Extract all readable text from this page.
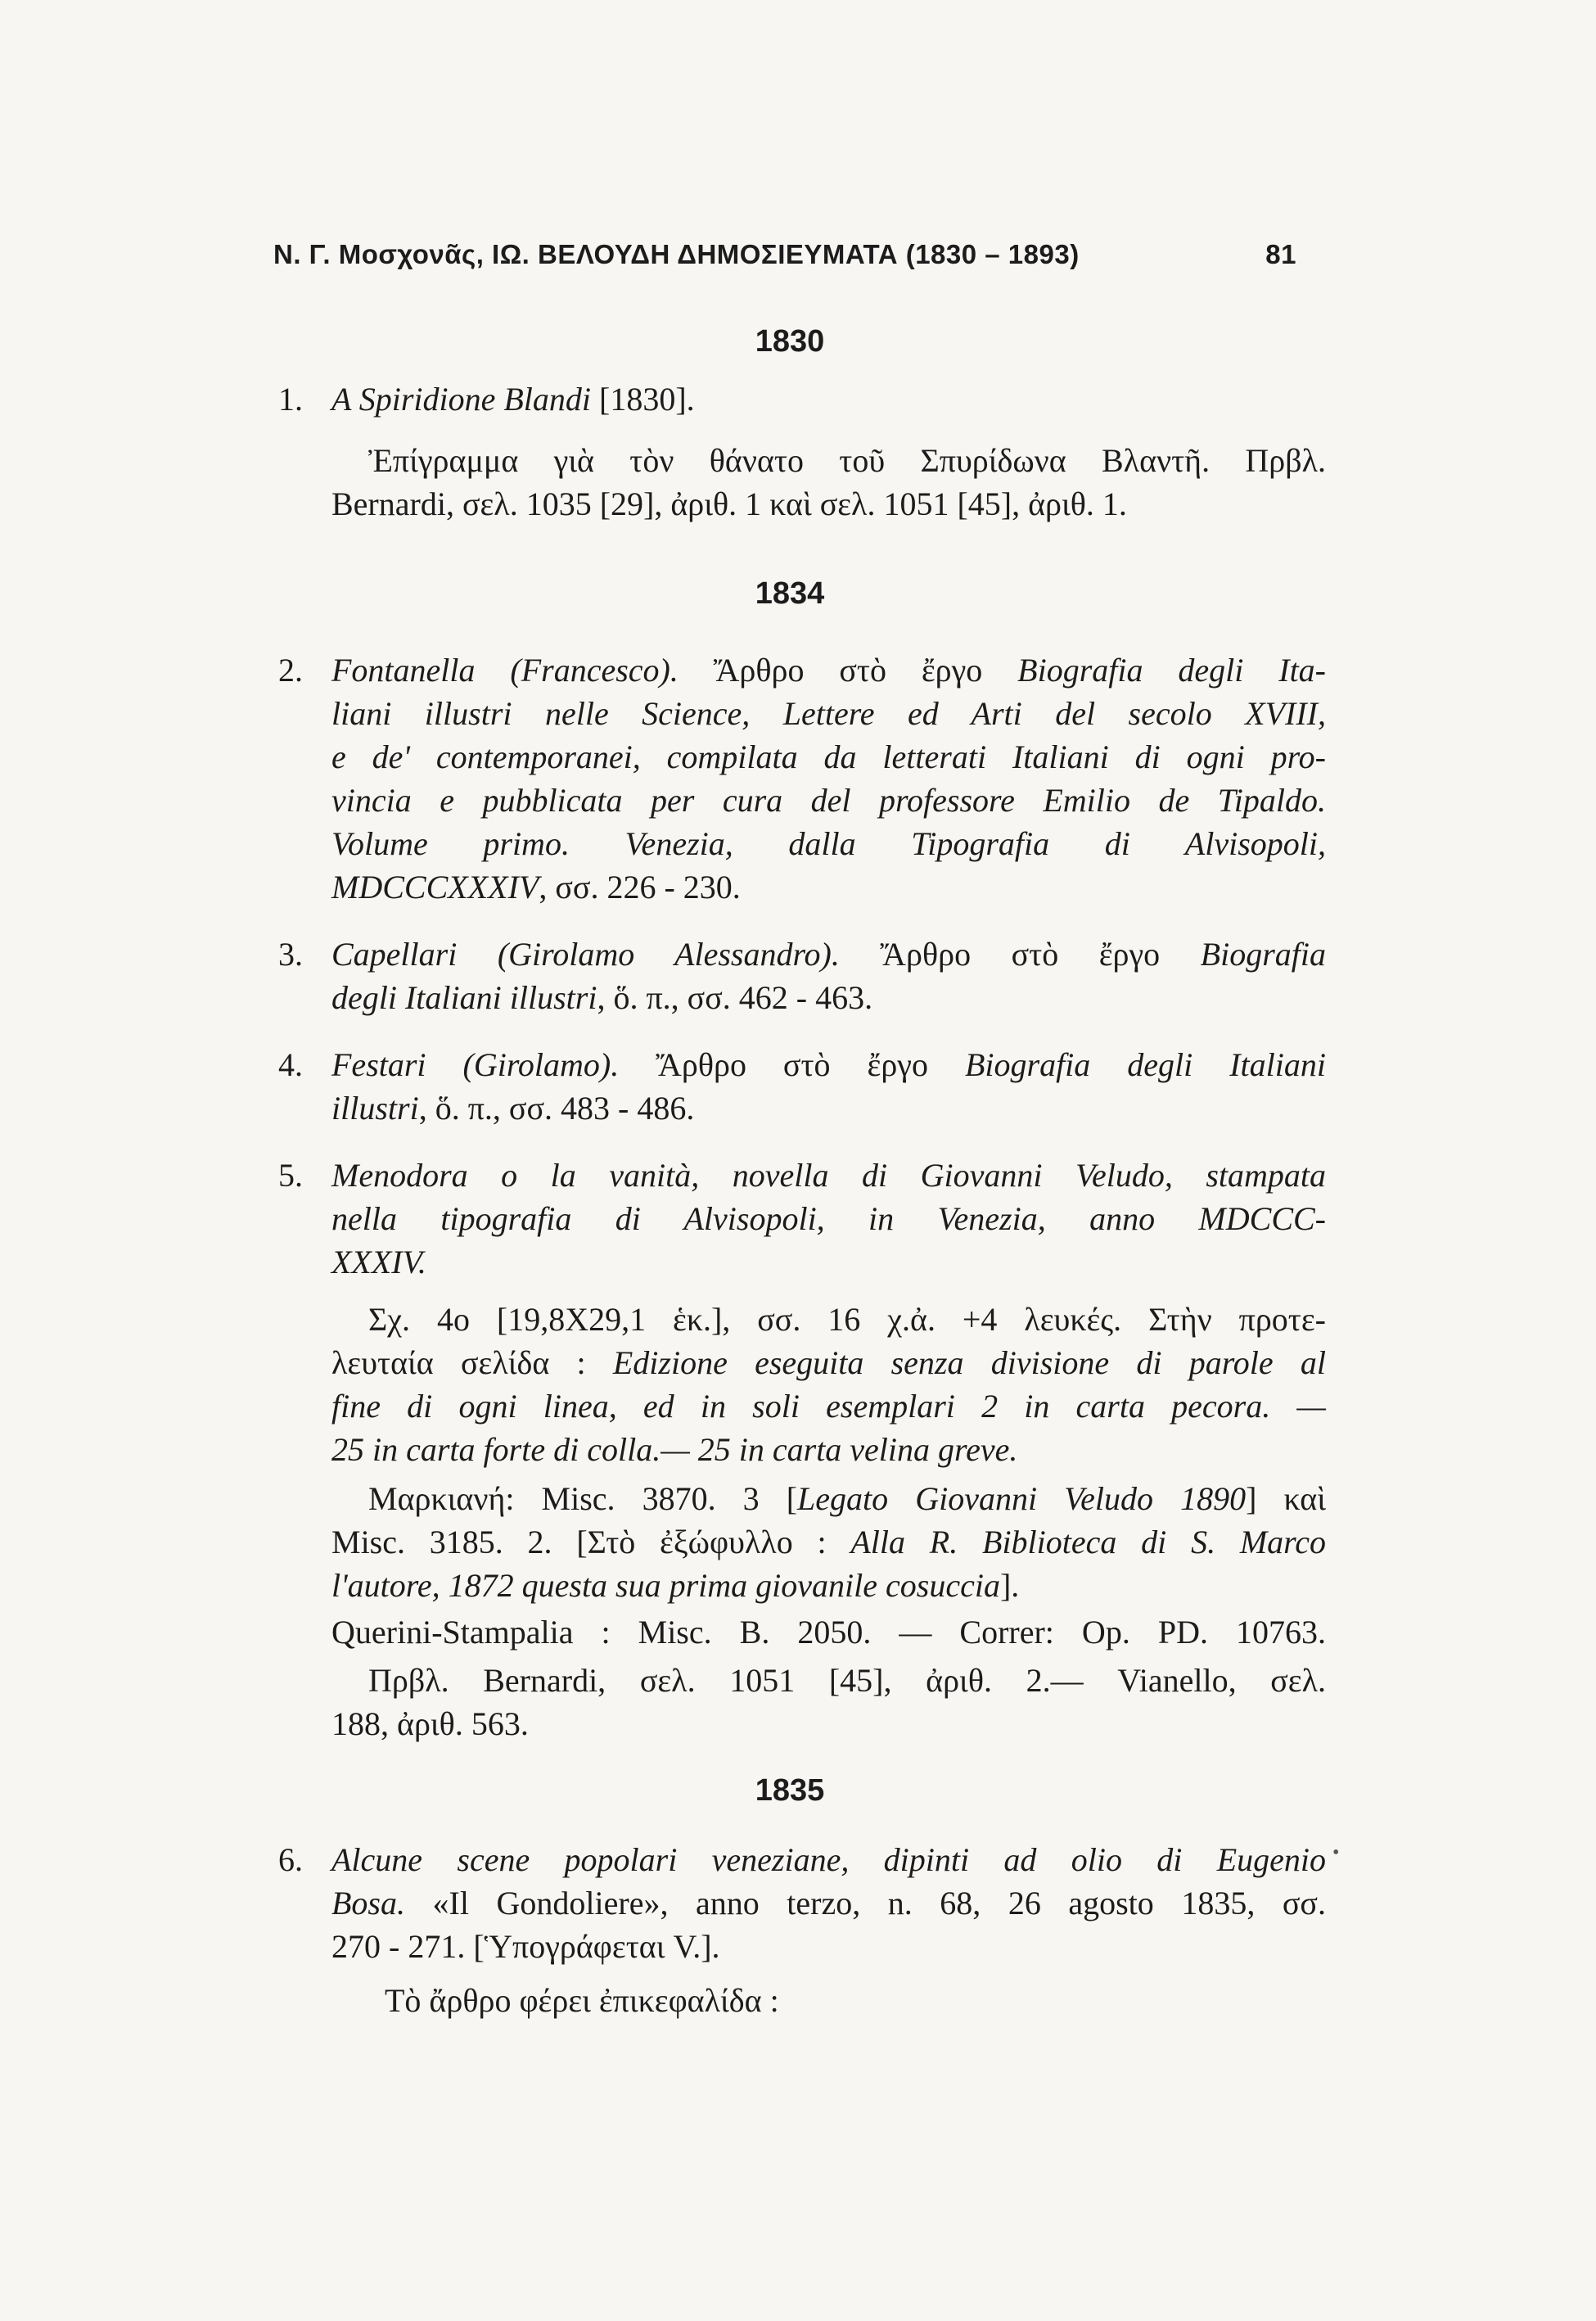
Ν. Γ. Μοσχονᾶς, ΙΩ. ΒΕΛΟΥΔΗ ΔΗΜΟΣΙΕΥΜΑΤΑ (1830 – 1893)	81
1830
1834
1835
1. A Spiridione Blandi [1830].
Ἐπίγραμμα γιὰ τὸν θάνατο τοῦ Σπυρίδωνα Βλαντῆ. Πρβλ.
Bernardi, σελ. 1035 [29], ἀριθ. 1 καὶ σελ. 1051 [45], ἀριθ. 1.
2. Fontanella (Francesco). Ἄρθρο στὸ ἔργο Biografia degli Ita-
liani illustri nelle Science, Lettere ed Arti del secolo XVIII,
e de' contemporanei, compilata da letterati Italiani di ogni pro-
vincia e pubblicata per cura del professore Emilio de Tipaldo.
Volume primo. Venezia, dalla Tipografia di Alvisopoli,
MDCCCXXXIV, σσ. 226 - 230.
3. Capellari (Girolamo Alessandro). Ἄρθρο στὸ ἔργο Biografia
degli Italiani illustri, ὅ. π., σσ. 462 - 463.
4. Festari (Girolamo). Ἄρθρο στὸ ἔργο Biografia degli Italiani
illustri, ὅ. π., σσ. 483 - 486.
5. Menodora o la vanità, novella di Giovanni Veludo, stampata
nella tipografia di Alvisopoli, in Venezia, anno MDCCC-
XXXIV.
Σχ. 4ο [19,8Χ29,1 ἑκ.], σσ. 16 χ.ἀ. +4 λευκές. Στὴν προτε-
λευταία σελίδα : Edizione eseguita senza divisione di parole al
fine di ogni linea, ed in soli esemplari 2 in carta pecora. —
25 in carta forte di colla.— 25 in carta velina greve.
Μαρκιανή: Misc. 3870. 3 [Legato Giovanni Veludo 1890] καὶ
Misc. 3185. 2. [Στὸ ἐξώφυλλο : Alla R. Biblioteca di S. Marco
l'autore, 1872 questa sua prima giovanile cosuccia].
Querini-Stampalia : Misc. B. 2050. — Correr: Op. PD. 10763.
Πρβλ. Bernardi, σελ. 1051 [45], ἀριθ. 2.— Vianello, σελ.
188, ἀριθ. 563.
6. Alcune scene popolari veneziane, dipinti ad olio di Eugenio
Bosa. «Il Gondoliere», anno terzo, n. 68, 26 agosto 1835, σσ.
270 - 271. [Ὑπογράφεται V.].
Τὸ ἄρθρο φέρει ἐπικεφαλίδα :
•
